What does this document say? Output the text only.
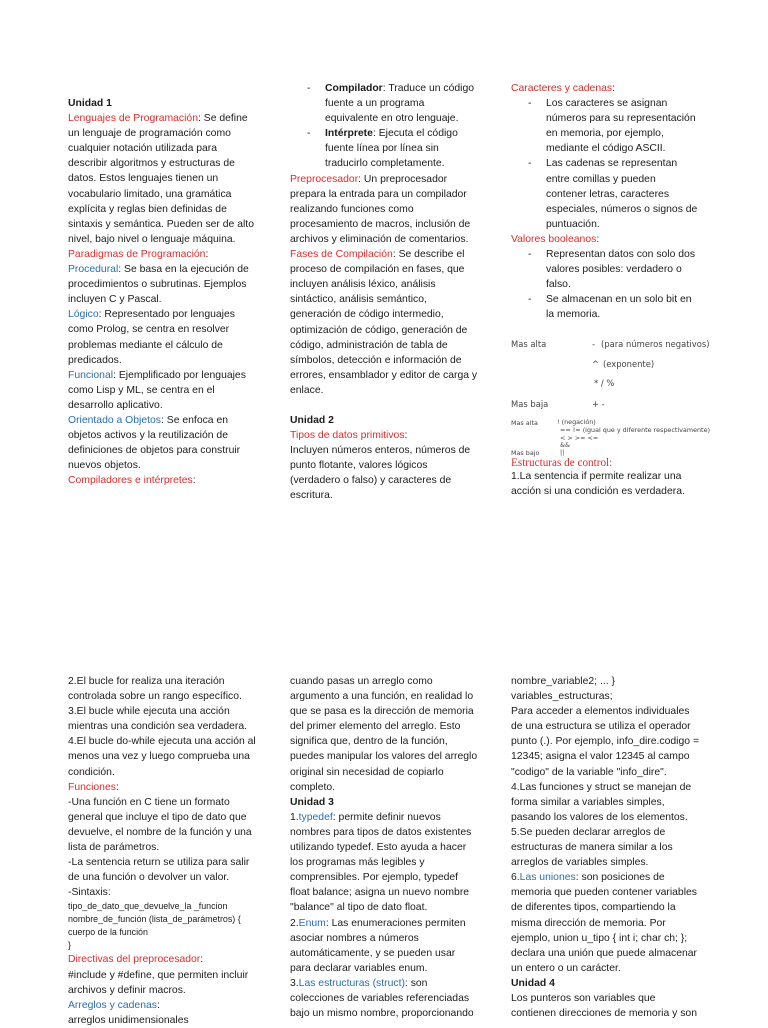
Unidad 1

Lenguajes de Programación: Se define un lenguaje de programación como cualquier notación utilizada para describir algoritmos y estructuras de datos. Estos lenguajes tienen un vocabulario limitado, una gramática explícita y reglas bien definidas de sintaxis y semántica. Pueden ser de alto nivel, bajo nivel o lenguaje máquina.

Paradigmas de Programación:

Procedural: Se basa en la ejecución de procedimientos o subrutinas. Ejemplos incluyen C y Pascal.

Lógico: Representado por lenguajes como Prolog, se centra en resolver problemas mediante el cálculo de predicados.

Funcional: Ejemplificado por lenguajes como Lisp y ML, se centra en el desarrollo aplicativo.

Orientado a Objetos: Se enfoca en objetos activos y la reutilización de definiciones de objetos para construir nuevos objetos.

Compiladores e intérpretes:

- Compilador: Traduce un código fuente a un programa equivalente en otro lenguaje.
- Intérprete: Ejecuta el código fuente línea por línea sin traducirlo completamente.

Preprocesador: Un preprocesador prepara la entrada para un compilador realizando funciones como procesamiento de macros, inclusión de archivos y eliminación de comentarios.

Fases de Compilación: Se describe el proceso de compilación en fases, que incluyen análisis léxico, análisis sintáctico, análisis semántico, generación de código intermedio, optimización de código, generación de código, administración de tabla de símbolos, detección e información de errores, ensamblador y editor de carga y enlace.

Unidad 2

Tipos de datos primitivos:

Incluyen números enteros, números de punto flotante, valores lógicos (verdadero o falso) y caracteres de escritura.

Caracteres y cadenas:

- Los caracteres se asignan números para su representación en memoria, por ejemplo, mediante el código ASCII.
- Las cadenas se representan entre comillas y pueden contener letras, caracteres especiales, números o signos de puntuación.

Valores booleanos:

- Representan datos con solo dos valores posibles: verdadero o falso.
- Se almacenan en un solo bit en la memoria.
Mas alta	- (para números negativos)
^ (exponente)
* / %
Mas baja	+ -
Mas alta	! (negación)
== != (igual que y diferente respectivamente)
< > >= <=
&&
Mas bajo	||

Estructuras de control:

1.La sentencia if permite realizar una acción si una condición es verdadera.

2.El bucle for realiza una iteración controlada sobre un rango específico.

3.El bucle while ejecuta una acción mientras una condición sea verdadera.

4.El bucle do-while ejecuta una acción al menos una vez y luego comprueba una condición.

Funciones:

-Una función en C tiene un formato general que incluye el tipo de dato que devuelve, el nombre de la función y una lista de parámetros.

-La sentencia return se utiliza para salir de una función o devolver un valor.

-Sintaxis:

tipo_de_dato_que_devuelve_la _funcion nombre_de_función (lista_de_parámetros) {

cuerpo de la función

}

Directivas del preprocesador:

#include y #define, que permiten incluir archivos y definir macros.

Arreglos y cadenas:

arreglos unidimensionales

cuando pasas un arreglo como argumento a una función, en realidad lo que se pasa es la dirección de memoria del primer elemento del arreglo. Esto significa que, dentro de la función, puedes manipular los valores del arreglo original sin necesidad de copiarlo completo.

Unidad 3

1.typedef: permite definir nuevos nombres para tipos de datos existentes utilizando typedef. Esto ayuda a hacer los programas más legibles y comprensibles. Por ejemplo, typedef float balance; asigna un nuevo nombre "balance" al tipo de dato float.

2.Enum: Las enumeraciones permiten asociar nombres a números automáticamente, y se pueden usar para declarar variables enum.

3.Las estructuras (struct): son colecciones de variables referenciadas bajo un mismo nombre, proporcionando

nombre_variable2; ... }

variables_estructuras;

Para acceder a elementos individuales de una estructura se utiliza el operador punto (.). Por ejemplo, info_dire.codigo = 12345; asigna el valor 12345 al campo "codigo" de la variable "info_dire".

4.Las funciones y struct se manejan de forma similar a variables simples, pasando los valores de los elementos.

5.Se pueden declarar arreglos de estructuras de manera similar a los arreglos de variables simples.

6.Las uniones: son posiciones de memoria que pueden contener variables de diferentes tipos, compartiendo la misma dirección de memoria. Por ejemplo, union u_tipo { int i; char ch; }; declara una unión que puede almacenar un entero o un carácter.

Unidad 4

Los punteros son variables que contienen direcciones de memoria y son
